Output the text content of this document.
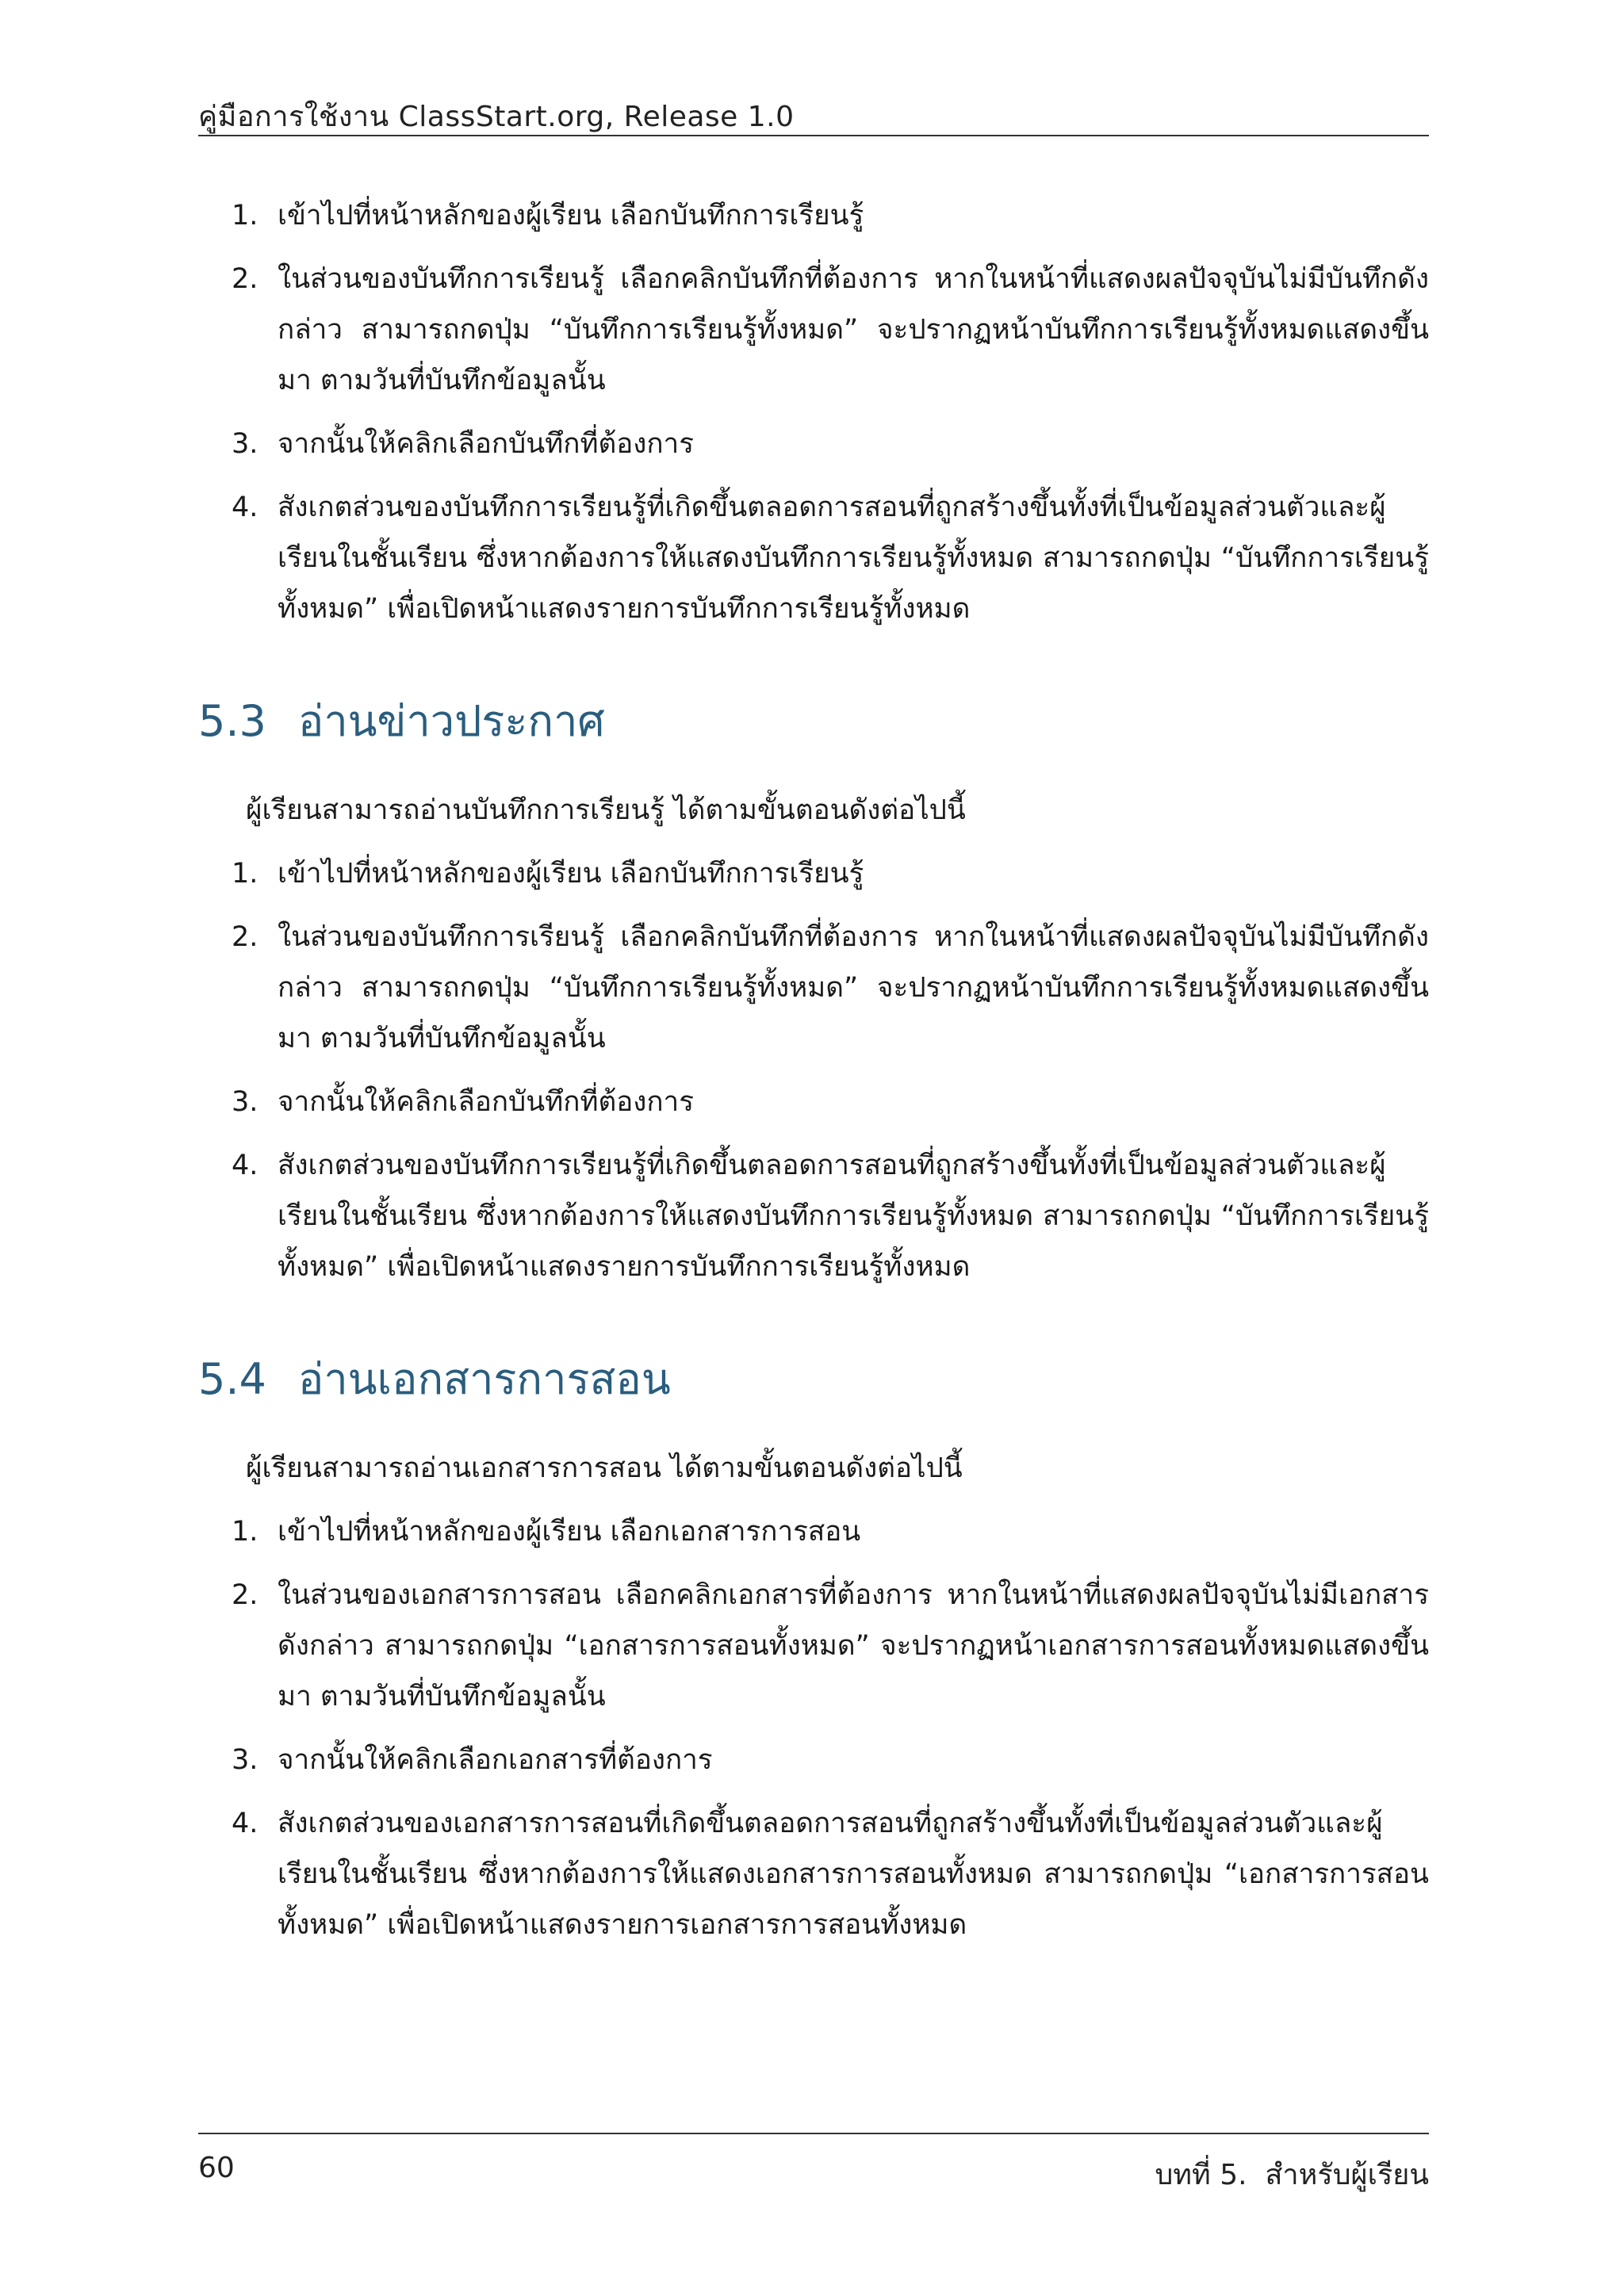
คู่มือการใช้งาน ClassStart.org, Release 1.0
1. เข้าไปที่หน้าหลักของผู้เรียน เลือกบันทึกการเรียนรู้
2. ในส่วนของบันทึกการเรียนรู้ เลือกคลิกบันทึกที่ต้องการ หากในหน้าที่แสดงผลปัจจุบันไม่มีบันทึกดังกล่าว สามารถกดปุ่ม “บันทึกการเรียนรู้ทั้งหมด” จะปรากฏหน้าบันทึกการเรียนรู้ทั้งหมดแสดงขึ้นมา ตามวันที่บันทึกข้อมูลนั้น
3. จากนั้นให้คลิกเลือกบันทึกที่ต้องการ
4. สังเกตส่วนของบันทึกการเรียนรู้ที่เกิดขึ้นตลอดการสอนที่ถูกสร้างขึ้นทั้งที่เป็นข้อมูลส่วนตัวและผู้เรียนในชั้นเรียน ซึ่งหากต้องการให้แสดงบันทึกการเรียนรู้ทั้งหมด สามารถกดปุ่ม “บันทึกการเรียนรู้ทั้งหมด” เพื่อเปิดหน้าแสดงรายการบันทึกการเรียนรู้ทั้งหมด
5.3 อ่านข่าวประกาศ

ผู้เรียนสามารถอ่านบันทึกการเรียนรู้ ได้ตามขั้นตอนดังต่อไปนี้

1. เข้าไปที่หน้าหลักของผู้เรียน เลือกบันทึกการเรียนรู้
2. ในส่วนของบันทึกการเรียนรู้ เลือกคลิกบันทึกที่ต้องการ หากในหน้าที่แสดงผลปัจจุบันไม่มีบันทึกดังกล่าว สามารถกดปุ่ม “บันทึกการเรียนรู้ทั้งหมด” จะปรากฏหน้าบันทึกการเรียนรู้ทั้งหมดแสดงขึ้นมา ตามวันที่บันทึกข้อมูลนั้น
3. จากนั้นให้คลิกเลือกบันทึกที่ต้องการ
4. สังเกตส่วนของบันทึกการเรียนรู้ที่เกิดขึ้นตลอดการสอนที่ถูกสร้างขึ้นทั้งที่เป็นข้อมูลส่วนตัวและผู้เรียนในชั้นเรียน ซึ่งหากต้องการให้แสดงบันทึกการเรียนรู้ทั้งหมด สามารถกดปุ่ม “บันทึกการเรียนรู้ทั้งหมด” เพื่อเปิดหน้าแสดงรายการบันทึกการเรียนรู้ทั้งหมด
5.4 อ่านเอกสารการสอน

ผู้เรียนสามารถอ่านเอกสารการสอน ได้ตามขั้นตอนดังต่อไปนี้

1. เข้าไปที่หน้าหลักของผู้เรียน เลือกเอกสารการสอน
2. ในส่วนของเอกสารการสอน เลือกคลิกเอกสารที่ต้องการ หากในหน้าที่แสดงผลปัจจุบันไม่มีเอกสารดังกล่าว สามารถกดปุ่ม “เอกสารการสอนทั้งหมด” จะปรากฏหน้าเอกสารการสอนทั้งหมดแสดงขึ้นมา ตามวันที่บันทึกข้อมูลนั้น
3. จากนั้นให้คลิกเลือกเอกสารที่ต้องการ
4. สังเกตส่วนของเอกสารการสอนที่เกิดขึ้นตลอดการสอนที่ถูกสร้างขึ้นทั้งที่เป็นข้อมูลส่วนตัวและผู้เรียนในชั้นเรียน ซึ่งหากต้องการให้แสดงเอกสารการสอนทั้งหมด สามารถกดปุ่ม “เอกสารการสอนทั้งหมด” เพื่อเปิดหน้าแสดงรายการเอกสารการสอนทั้งหมด
60	บทที่ 5.  สำหรับผู้เรียน
